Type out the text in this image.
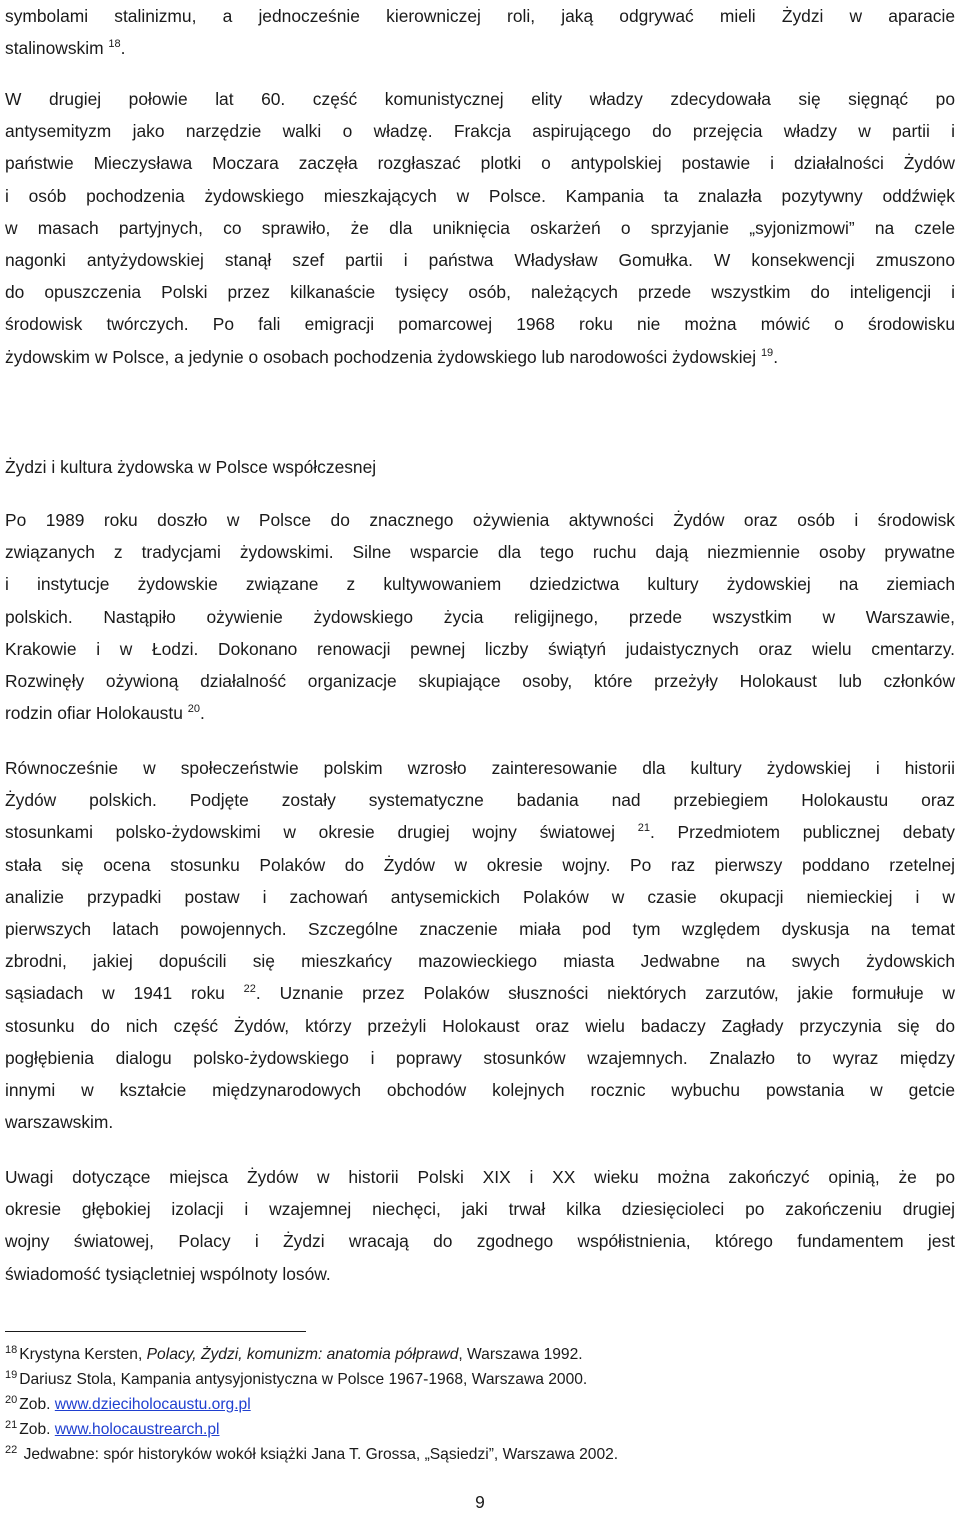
symbolami stalinizmu, a jednocześnie kierowniczej roli, jaką odgrywać mieli Żydzi w aparacie
stalinowskim $^{18}$.
W drugiej połowie lat 60. część komunistycznej elity władzy zdecydowała się sięgnąć po
antysemityzm jako narzędzie walki o władzę. Frakcja aspirującego do przejęcia władzy w partii i
państwie Mieczysława Moczara zaczęła rozgłaszać plotki o antypolskiej postawie i działalności Żydów
i osób pochodzenia żydowskiego mieszkających w Polsce. Kampania ta znalazła pozytywny oddźwięk
w masach partyjnych, co sprawiło, że dla uniknięcia oskarżeń o sprzyjanie „syjonizmowi” na czele
nagonki antyżydowskiej stanął szef partii i państwa Władysław Gomułka. W konsekwencji zmuszono
do opuszczenia Polski przez kilkanaście tysięcy osób, należących przede wszystkim do inteligencji i
środowisk twórczych. Po fali emigracji pomarcowej 1968 roku nie można mówić o środowisku
żydowskim w Polsce, a jedynie o osobach pochodzenia żydowskiego lub narodowości żydowskiej $^{19}$.
Żydzi i kultura żydowska w Polsce współczesnej
Po 1989 roku doszło w Polsce do znacznego ożywienia aktywności Żydów oraz osób i środowisk
związanych z tradycjami żydowskimi. Silne wsparcie dla tego ruchu dają niezmiennie osoby prywatne
i instytucje żydowskie związane z kultywowaniem dziedzictwa kultury żydowskiej na ziemiach
polskich. Nastąpiło ożywienie żydowskiego życia religijnego, przede wszystkim w Warszawie,
Krakowie i w Łodzi. Dokonano renowacji pewnej liczby świątyń judaistycznych oraz wielu cmentarzy.
Rozwinęły ożywioną działalność organizacje skupiające osoby, które przeżyły Holokaust lub członków
rodzin ofiar Holokaustu $^{20}$.
Równocześnie w społeczeństwie polskim wzrosło zainteresowanie dla kultury żydowskiej i historii
Żydów polskich. Podjęte zostały systematyczne badania nad przebiegiem Holokaustu oraz
stosunkami polsko-żydowskimi w okresie drugiej wojny światowej $^{21}$. Przedmiotem publicznej debaty
stała się ocena stosunku Polaków do Żydów w okresie wojny. Po raz pierwszy poddano rzetelnej
analizie przypadki postaw i zachowań antysemickich Polaków w czasie okupacji niemieckiej i w
pierwszych latach powojennych. Szczególne znaczenie miała pod tym względem dyskusja na temat
zbrodni, jakiej dopuścili się mieszkańcy mazowieckiego miasta Jedwabne na swych żydowskich
sąsiadach w 1941 roku $^{22}$. Uznanie przez Polaków słuszności niektórych zarzutów, jakie formułuje w
stosunku do nich część Żydów, którzy przeżyli Holokaust oraz wielu badaczy Zagłady przyczynia się do
pogłębienia dialogu polsko-żydowskiego i poprawy stosunków wzajemnych. Znalazło to wyraz między
innymi w kształcie międzynarodowych obchodów kolejnych rocznic wybuchu powstania w getcie
warszawskim.
Uwagi dotyczące miejsca Żydów w historii Polski XIX i XX wieku można zakończyć opinią, że po
okresie głębokiej izolacji i wzajemnej niechęci, jaki trwał kilka dziesięcioleci po zakończeniu drugiej
wojny światowej, Polacy i Żydzi wracają do zgodnego współistnienia, którego fundamentem jest
świadomość tysiącletniej wspólnoty losów.
$^{18}$ Krystyna Kersten, Polacy, Żydzi, komunizm: anatomia półprawd, Warszawa 1992.
$^{19}$ Dariusz Stola, Kampania antysyjonistyczna w Polsce 1967-1968, Warszawa 2000.
$^{20}$ Zob. www.dzieciholocaustu.org.pl
$^{21}$ Zob. www.holocaustrearch.pl
$^{22}$ Jedwabne: spór historyków wokół książki Jana T. Grossa, „Sąsiedzi”, Warszawa 2002.
9
